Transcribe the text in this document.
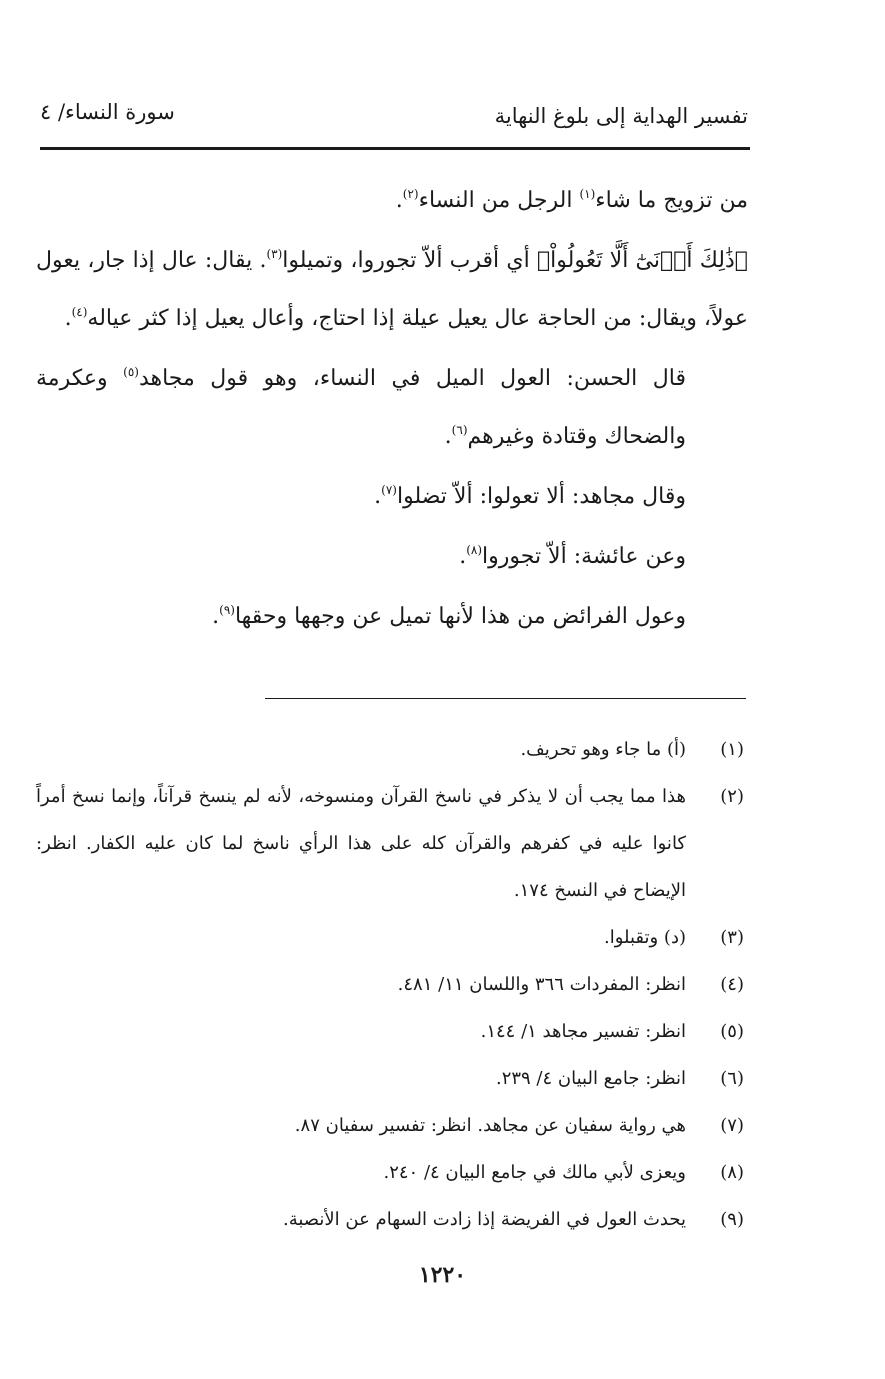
تفسير الهداية إلى بلوغ النهاية
سورة النساء/ ٤

من تزويج ما شاء$^{(١)}$ الرجل من النساء$^{(٢)}$.

﴿ذَٰلِكَ أَدۡنَىٰٓ أَلَّا تَعُولُواْ﴾ أي أقرب ألاّ تجوروا، وتميلوا$^{(٣)}$. يقال: عال إذا جار، يعول عولاً، ويقال: من الحاجة عال يعيل عيلة إذا احتاج، وأعال يعيل إذا كثر عياله$^{(٤)}$.

قال الحسن: العول الميل في النساء، وهو قول مجاهد$^{(٥)}$ وعكرمة والضحاك وقتادة وغيرهم$^{(٦)}$.

وقال مجاهد: ألا تعولوا: ألاّ تضلوا$^{(٧)}$.

وعن عائشة: ألاّ تجوروا$^{(٨)}$.

وعول الفرائض من هذا لأنها تميل عن وجهها وحقها$^{(٩)}$.

(١)
(أ) ما جاء وهو تحريف.
(٢)
هذا مما يجب أن لا يذكر في ناسخ القرآن ومنسوخه، لأنه لم ينسخ قرآناً، وإنما نسخ أمراً كانوا عليه في كفرهم والقرآن كله على هذا الرأي ناسخ لما كان عليه الكفار. انظر: الإيضاح في النسخ ١٧٤.
(٣)
(د) وتقبلوا.
(٤)
انظر: المفردات ٣٦٦ واللسان ١١/ ٤٨١.
(٥)
انظر: تفسير مجاهد ١/ ١٤٤.
(٦)
انظر: جامع البيان ٤/ ٢٣٩.
(٧)
هي رواية سفيان عن مجاهد. انظر: تفسير سفيان ٨٧.
(٨)
ويعزى لأبي مالك في جامع البيان ٤/ ٢٤٠.
(٩)
يحدث العول في الفريضة إذا زادت السهام عن الأنصبة.
١٢٢٠
